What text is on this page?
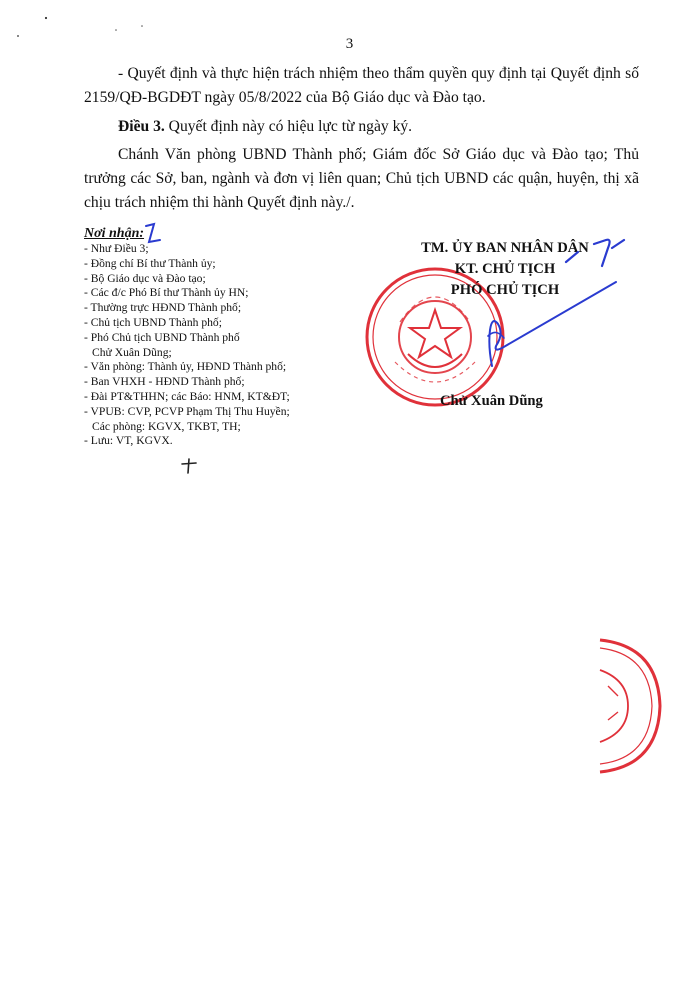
3
- Quyết định và thực hiện trách nhiệm theo thẩm quyền quy định tại Quyết định số 2159/QĐ-BGDĐT ngày 05/8/2022 của Bộ Giáo dục và Đào tạo.
Điều 3. Quyết định này có hiệu lực từ ngày ký.
Chánh Văn phòng UBND Thành phố; Giám đốc Sở Giáo dục và Đào tạo; Thủ trưởng các Sở, ban, ngành và đơn vị liên quan; Chủ tịch UBND các quận, huyện, thị xã chịu trách nhiệm thi hành Quyết định này./.
Nơi nhận:
- Như Điều 3;
- Đồng chí Bí thư Thành ủy;
- Bộ Giáo dục và Đào tạo;
- Các đ/c Phó Bí thư Thành ủy HN;
- Thường trực HĐND Thành phố;
- Chủ tịch UBND Thành phố;
- Phó Chủ tịch UBND Thành phố
Chử Xuân Dũng;
- Văn phòng: Thành ủy, HĐND Thành phố;
- Ban VHXH - HĐND Thành phố;
- Đài PT&THHN; các Báo: HNM, KT&ĐT;
- VPUB: CVP, PCVP Phạm Thị Thu Huyền;
Các phòng: KGVX, TKBT, TH;
- Lưu: VT, KGVX.
TM. ỦY BAN NHÂN DÂN
KT. CHỦ TỊCH
PHÓ CHỦ TỊCH
Chử Xuân Dũng
